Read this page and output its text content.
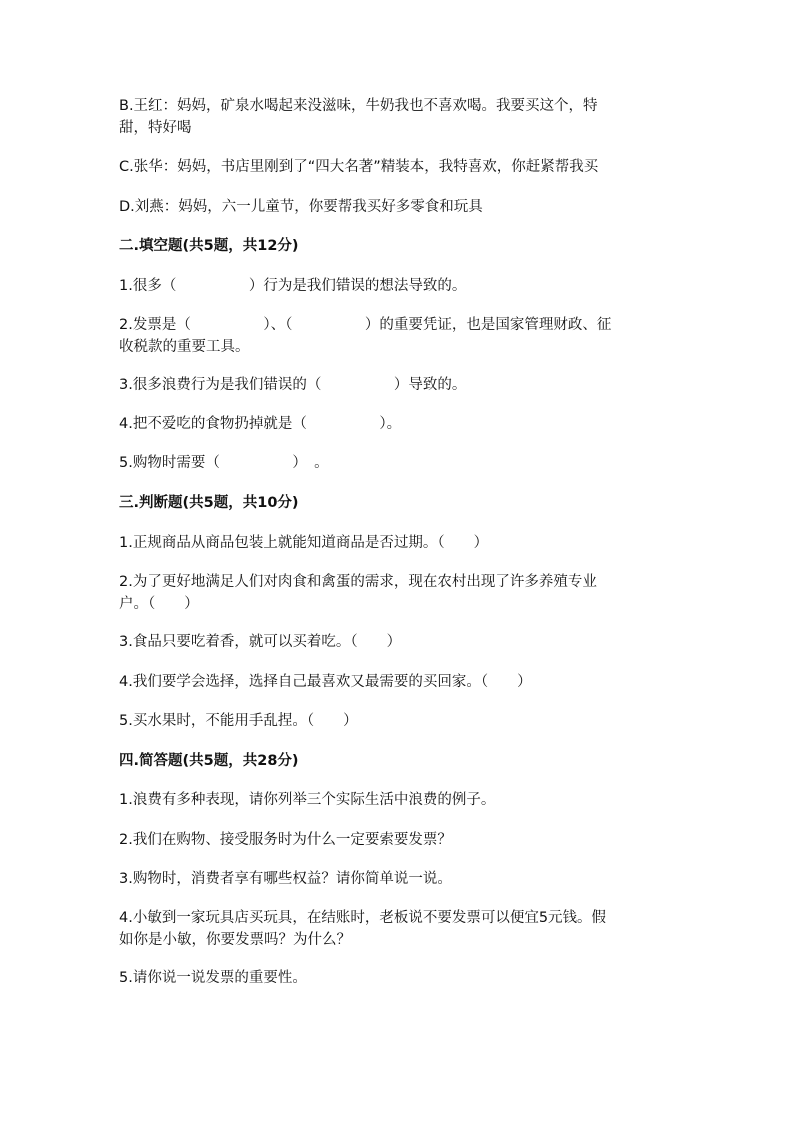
B.王红：妈妈，矿泉水喝起来没滋味，牛奶我也不喜欢喝。我要买这个，特
甜，特好喝
C.张华：妈妈，书店里刚到了“四大名著”精装本，我特喜欢，你赶紧帮我买
D.刘燕：妈妈，六一儿童节，你要帮我买好多零食和玩具
二.填空题(共5题，共12分)
1.很多（　　　　　）行为是我们错误的想法导致的。
2.发票是（　　　　　）、（　　　　　）的重要凭证，也是国家管理财政、征
收税款的重要工具。
3.很多浪费行为是我们错误的（　　　　　）导致的。
4.把不爱吃的食物扔掉就是（　　　　　）。
5.购物时需要（　　　　　）　。
三.判断题(共5题，共10分)
1.正规商品从商品包装上就能知道商品是否过期。（　　）
2.为了更好地满足人们对肉食和禽蛋的需求，现在农村出现了许多养殖专业
户。（　　）
3.食品只要吃着香，就可以买着吃。（　　）
4.我们要学会选择，选择自己最喜欢又最需要的买回家。（　　）
5.买水果时，不能用手乱捏。（　　）
四.简答题(共5题，共28分)
1.浪费有多种表现，请你列举三个实际生活中浪费的例子。
2.我们在购物、接受服务时为什么一定要索要发票？
3.购物时，消费者享有哪些权益？请你简单说一说。
4.小敏到一家玩具店买玩具，在结账时，老板说不要发票可以便宜5元钱。假
如你是小敏，你要发票吗？为什么？
5.请你说一说发票的重要性。
